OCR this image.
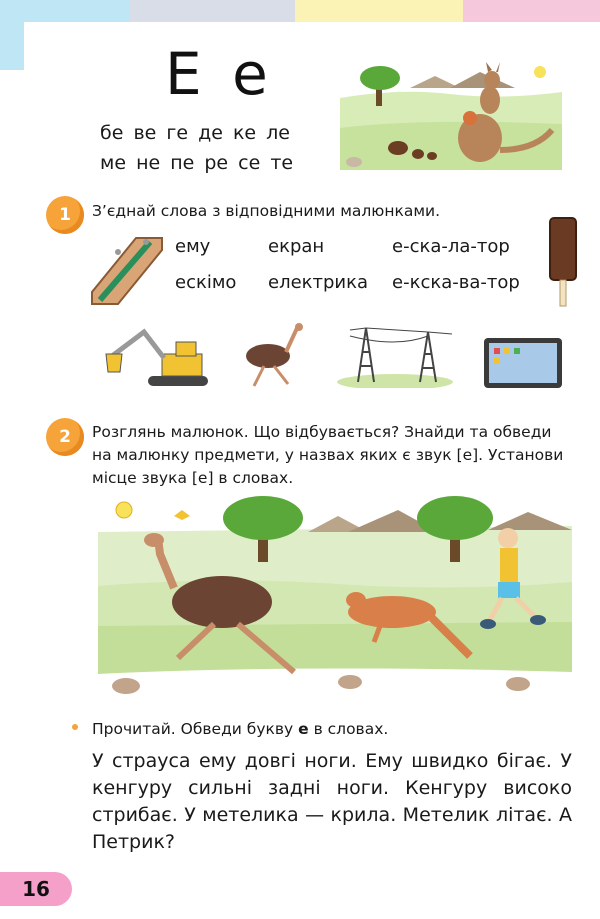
Е е
бе ве ге де ке ле
ме не пе ре се те
1	З’єднай слова з відповідними малюнками.
ему	екран	е-ска-ла-тор
ескімо електрика е-кска-ва-тор
2	Розглянь малюнок. Що відбувається? Знайди та обведи
на малюнку предмети, у назвах яких є звук [е]. Установи
місце звука [е] в словах.
Прочитай. Обведи букву е в словах.
У страуса ему довгі ноги. Ему швидко бігає. У кенгуру сильні задні ноги. Кенгуру високо стрибає. У метелика — крила. Метелик літає. А Петрик?
16
